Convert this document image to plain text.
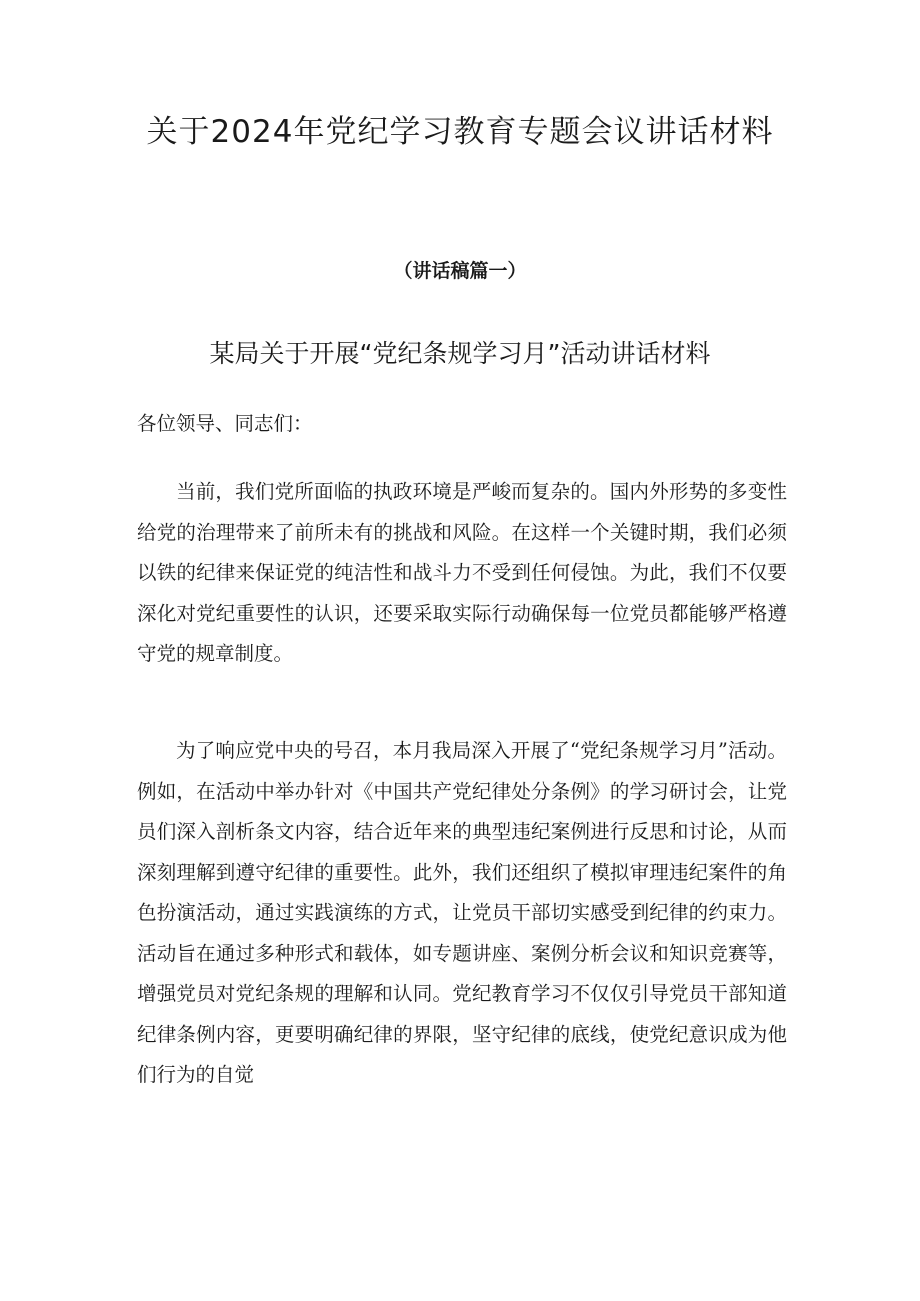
关于2024年党纪学习教育专题会议讲话材料
（讲话稿篇一）
某局关于开展“党纪条规学习月”活动讲话材料

各位领导、同志们：

当前，我们党所面临的执政环境是严峻而复杂的。国内外形势的多变性给党的治理带来了前所未有的挑战和风险。在这样一个关键时期，我们必须以铁的纪律来保证党的纯洁性和战斗力不受到任何侵蚀。为此，我们不仅要深化对党纪重要性的认识，还要采取实际行动确保每一位党员都能够严格遵守党的规章制度。

为了响应党中央的号召，本月我局深入开展了“党纪条规学习月”活动。例如，在活动中举办针对《中国共产党纪律处分条例》的学习研讨会，让党员们深入剖析条文内容，结合近年来的典型违纪案例进行反思和讨论，从而深刻理解到遵守纪律的重要性。此外，我们还组织了模拟审理违纪案件的角色扮演活动，通过实践演练的方式，让党员干部切实感受到纪律的约束力。活动旨在通过多种形式和载体，如专题讲座、案例分析会议和知识竞赛等，增强党员对党纪条规的理解和认同。党纪教育学习不仅仅引导党员干部知道纪律条例内容，更要明确纪律的界限，坚守纪律的底线，使党纪意识成为他们行为的自觉
